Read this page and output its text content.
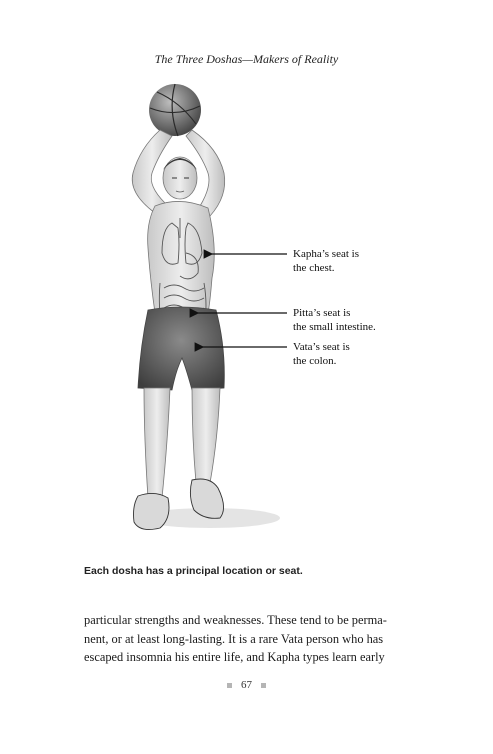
The Three Doshas—Makers of Reality
Kapha’s seat is
the chest.
Pitta’s seat is
the small intestine.
Vata’s seat is
the colon.
Each dosha has a principal location or seat.
particular strengths and weaknesses. These tend to be perma-
nent, or at least long-lasting. It is a rare Vata person who has
escaped insomnia his entire life, and Kapha types learn early
67
